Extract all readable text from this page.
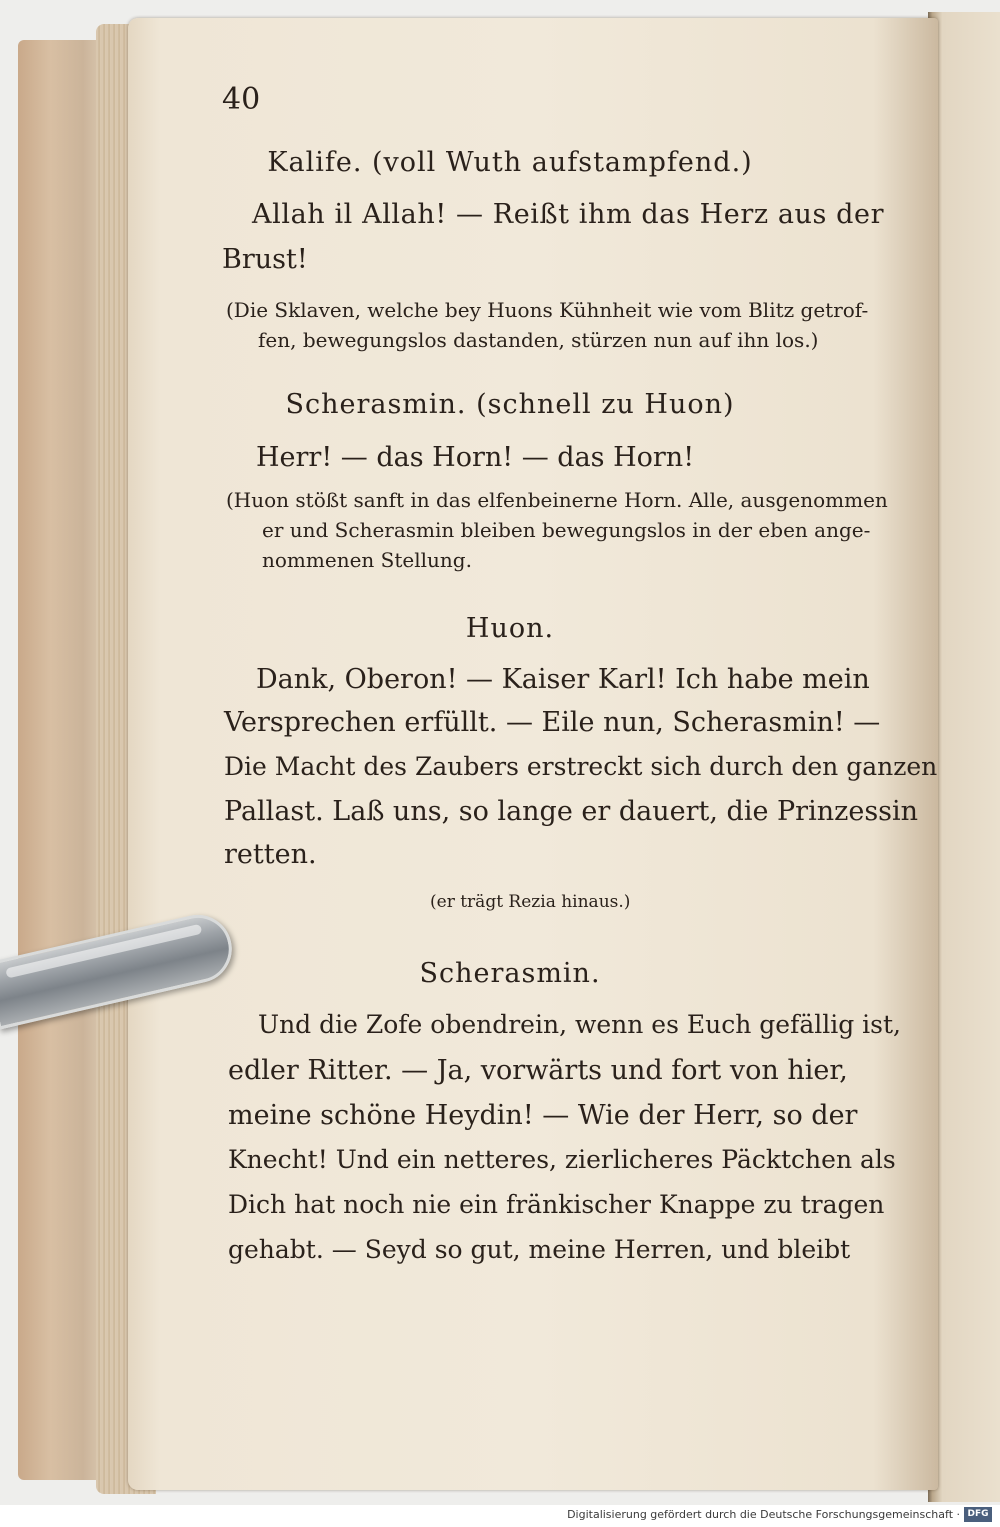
40
Kalife. (voll Wuth aufstampfend.)
Allah il Allah! — Reißt ihm das Herz aus der
Brust!
(Die Sklaven, welche bey Huons Kühnheit wie vom Blitz getrof-
fen, bewegungslos dastanden, stürzen nun auf ihn los.)
Scherasmin. (schnell zu Huon)
Herr! — das Horn! — das Horn!
(Huon stößt sanft in das elfenbeinerne Horn. Alle, ausgenommen
er und Scherasmin bleiben bewegungslos in der eben ange-
nommenen Stellung.
Huon.
Dank, Oberon! — Kaiser Karl! Ich habe mein
Versprechen erfüllt. — Eile nun, Scherasmin! —
Die Macht des Zaubers erstreckt sich durch den ganzen
Pallast. Laß uns, so lange er dauert, die Prinzessin
retten.
(er trägt Rezia hinaus.)
Scherasmin.
Und die Zofe obendrein, wenn es Euch gefällig ist,
edler Ritter. — Ja, vorwärts und fort von hier,
meine schöne Heydin! — Wie der Herr, so der
Knecht! Und ein netteres, zierlicheres Päcktchen als
Dich hat noch nie ein fränkischer Knappe zu tragen
gehabt. — Seyd so gut, meine Herren, und bleibt
Digitalisierung gefördert durch die Deutsche Forschungsgemeinschaft · DFG
